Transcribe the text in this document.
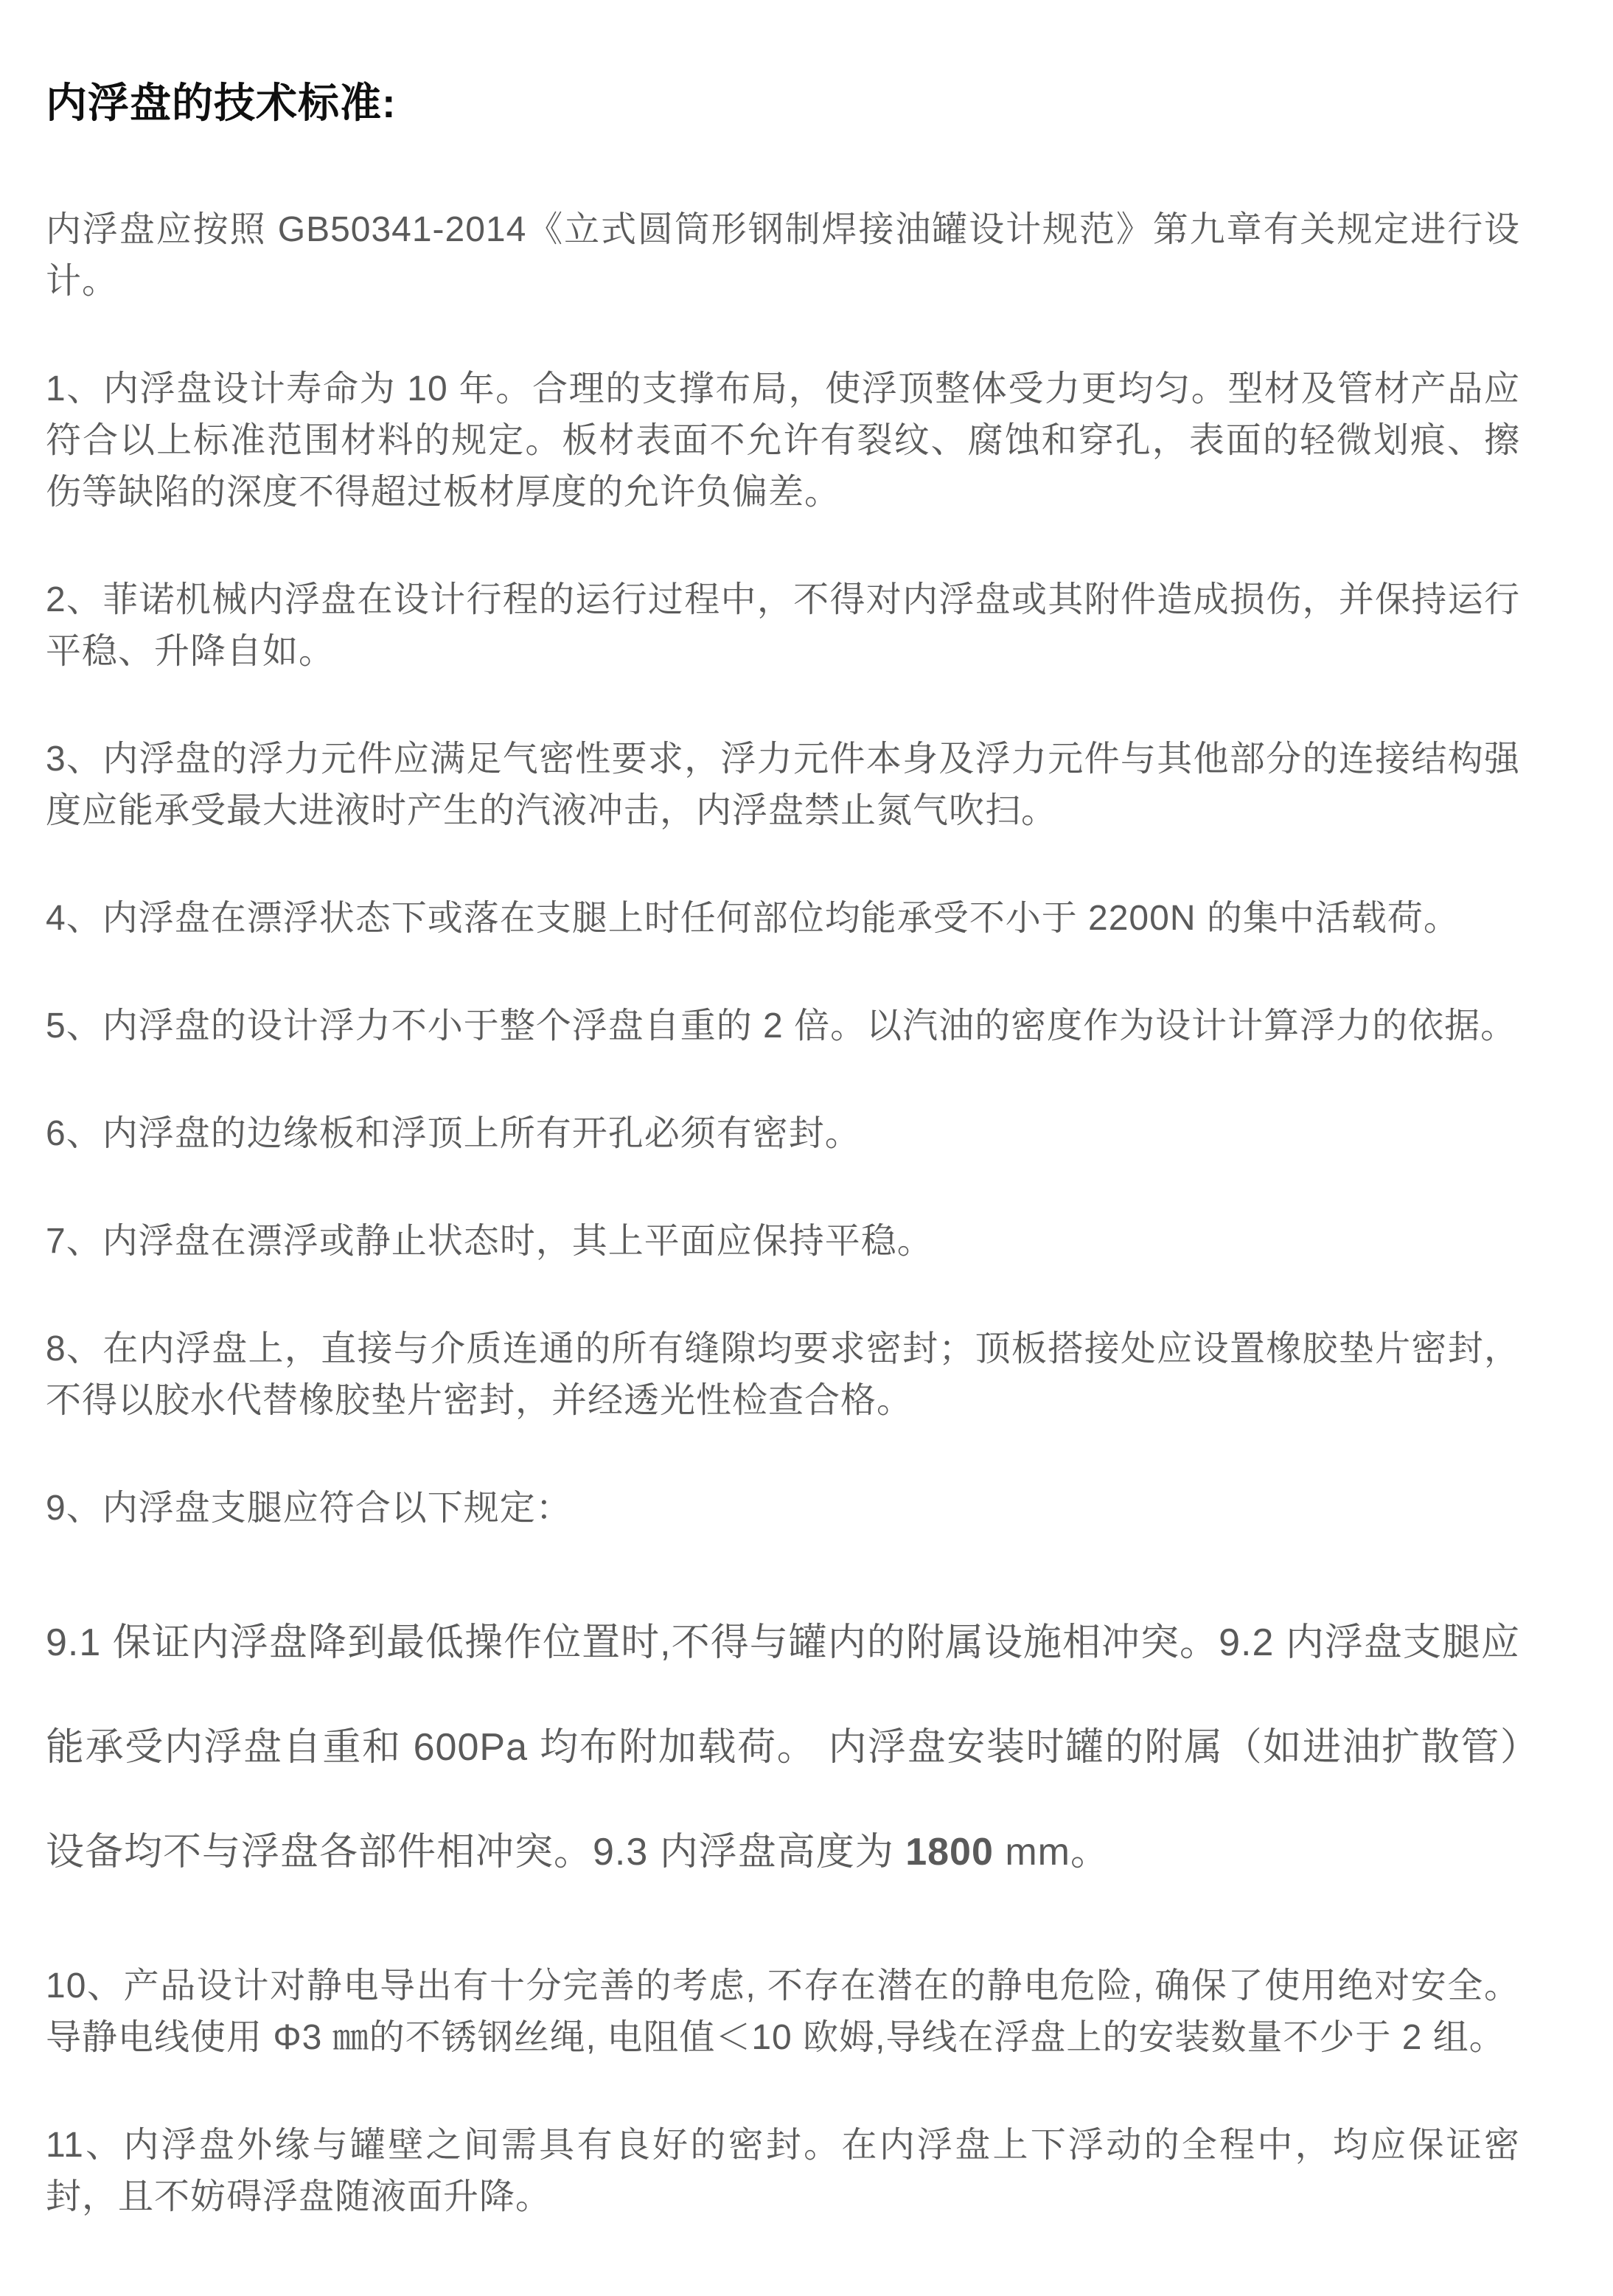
内浮盘的技术标准:

内浮盘应按照 GB50341-2014《立式圆筒形钢制焊接油罐设计规范》第九章有关规定进行设计。

1、内浮盘设计寿命为 10 年。合理的支撑布局，使浮顶整体受力更均匀。型材及管材产品应符合以上标准范围材料的规定。板材表面不允许有裂纹、腐蚀和穿孔，表面的轻微划痕、擦伤等缺陷的深度不得超过板材厚度的允许负偏差。

2、菲诺机械内浮盘在设计行程的运行过程中，不得对内浮盘或其附件造成损伤，并保持运行平稳、升降自如。

3、内浮盘的浮力元件应满足气密性要求，浮力元件本身及浮力元件与其他部分的连接结构强度应能承受最大进液时产生的汽液冲击，内浮盘禁止氮气吹扫。

4、内浮盘在漂浮状态下或落在支腿上时任何部位均能承受不小于 2200N 的集中活载荷。

5、内浮盘的设计浮力不小于整个浮盘自重的 2 倍。以汽油的密度作为设计计算浮力的依据。

6、内浮盘的边缘板和浮顶上所有开孔必须有密封。

7、内浮盘在漂浮或静止状态时，其上平面应保持平稳。

8、在内浮盘上，直接与介质连通的所有缝隙均要求密封；顶板搭接处应设置橡胶垫片密封，不得以胶水代替橡胶垫片密封，并经透光性检查合格。

9、内浮盘支腿应符合以下规定：

9.1 保证内浮盘降到最低操作位置时,不得与罐内的附属设施相冲突。9.2 内浮盘支腿应能承受内浮盘自重和 600Pa 均布附加载荷。 内浮盘安装时罐的附属（如进油扩散管）设备均不与浮盘各部件相冲突。9.3 内浮盘高度为 1800 mm。

10、产品设计对静电导出有十分完善的考虑, 不存在潜在的静电危险, 确保了使用绝对安全。导静电线使用 Φ3 ㎜的不锈钢丝绳, 电阻值＜10 欧姆,导线在浮盘上的安装数量不少于 2 组。

11、内浮盘外缘与罐壁之间需具有良好的密封。在内浮盘上下浮动的全程中，均应保证密封，且不妨碍浮盘随液面升降。
